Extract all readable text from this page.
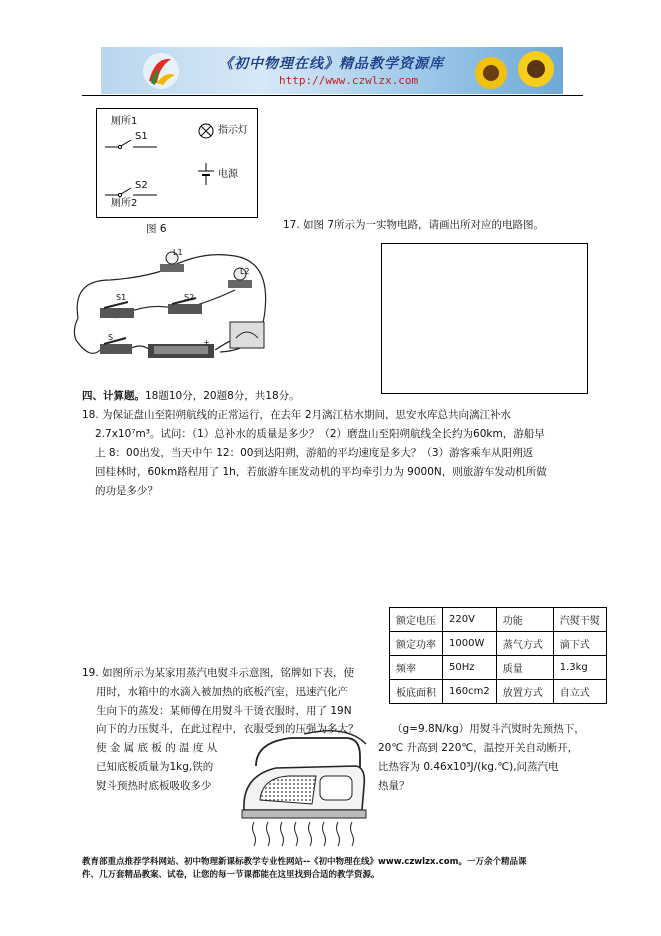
《初中物理在线》精品教学资源库
http://www.czwlzx.com
厕所1
S1
指示灯
S2
厕所2
电源
图 6	17. 如图 7所示为一实物电路，请画出所对应的电路图。
L1
L2
S1	S2
S
+
四、计算题。18题10分，20题8分，共18分。
18. 为保证盘山至阳朔航线的正常运行，在去年 2月漓江枯水期间，思安水库总共向漓江补水
2.7x10⁷m³。试问：（1）总补水的质量是多少？（2）磨盘山至阳朔航线全长约为60km，游船早
上 8：00出发，当天中午 12：00到达阳朔，游船的平均速度是多大？（3）游客乘车从阳朔返
回桂林时，60km路程用了 1h，若旅游车匪发动机的平均牵引力为 9000N，则旅游车发动机所做
的功是多少？
额定电压	220V	功能	汽熨干熨
额定功率	1000W	蒸气方式	滴下式
频率	50Hz	质量	1.3kg
板底面积	160cm2	放置方式	自立式
19. 如图所示为某家用蒸汽电熨斗示意图，铭牌如下表，使
用时，水箱中的水滴入被加热的底板汽室，迅速汽化产
生向下的蒸发：某师傅在用熨斗干烫衣服时，用了 19N
向下的力压熨斗，在此过程中，衣服受到的压强为多大？	（g=9.8N/kg）用熨斗汽熨时先预热下，
使 金 属 底 板 的 温 度 从	20℃ 升高到 220℃，温控开关自动断开，
已知底板质量为1kg,铁的	比热容为 0.46x10³J/(kg.℃),问蒸汽电
熨斗预热时底板吸收多少	热量？
教育部重点推荐学科网站、初中物理新课标教学专业性网站--《初中物理在线》www.czwlzx.com。一万余个精品课
件、几万套精品教案、试卷，让您的每一节课都能在这里找到合适的教学资源。
